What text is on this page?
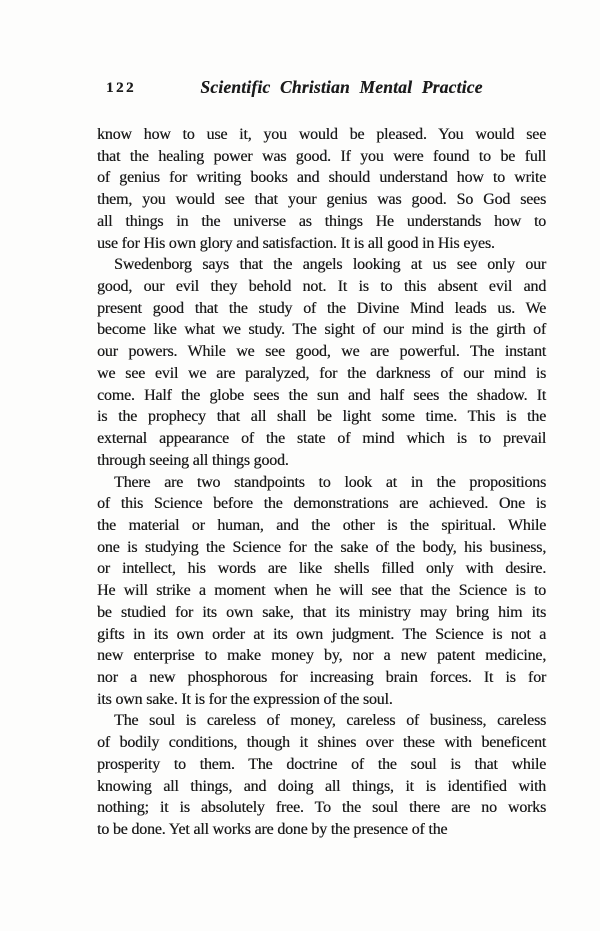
122	Scientific Christian Mental Practice

know how to use it, you would be pleased. You would see
that the healing power was good. If you were found to be full
of genius for writing books and should understand how to write
them, you would see that your genius was good. So God sees
all things in the universe as things He understands how to
use for His own glory and satisfaction. It is all good in His eyes.

Swedenborg says that the angels looking at us see only our
good, our evil they behold not. It is to this absent evil and
present good that the study of the Divine Mind leads us. We
become like what we study. The sight of our mind is the girth of
our powers. While we see good, we are powerful. The instant
we see evil we are paralyzed, for the darkness of our mind is
come. Half the globe sees the sun and half sees the shadow. It
is the prophecy that all shall be light some time. This is the
external appearance of the state of mind which is to prevail
through seeing all things good.

There are two standpoints to look at in the propositions
of this Science before the demonstrations are achieved. One is
the material or human, and the other is the spiritual. While
one is studying the Science for the sake of the body, his business,
or intellect, his words are like shells filled only with desire.
He will strike a moment when he will see that the Science is to
be studied for its own sake, that its ministry may bring him its
gifts in its own order at its own judgment. The Science is not a
new enterprise to make money by, nor a new patent medicine,
nor a new phosphorous for increasing brain forces. It is for
its own sake. It is for the expression of the soul.

The soul is careless of money, careless of business, careless
of bodily conditions, though it shines over these with beneficent
prosperity to them. The doctrine of the soul is that while
knowing all things, and doing all things, it is identified with
nothing; it is absolutely free. To the soul there are no works
to be done. Yet all works are done by the presence of the
